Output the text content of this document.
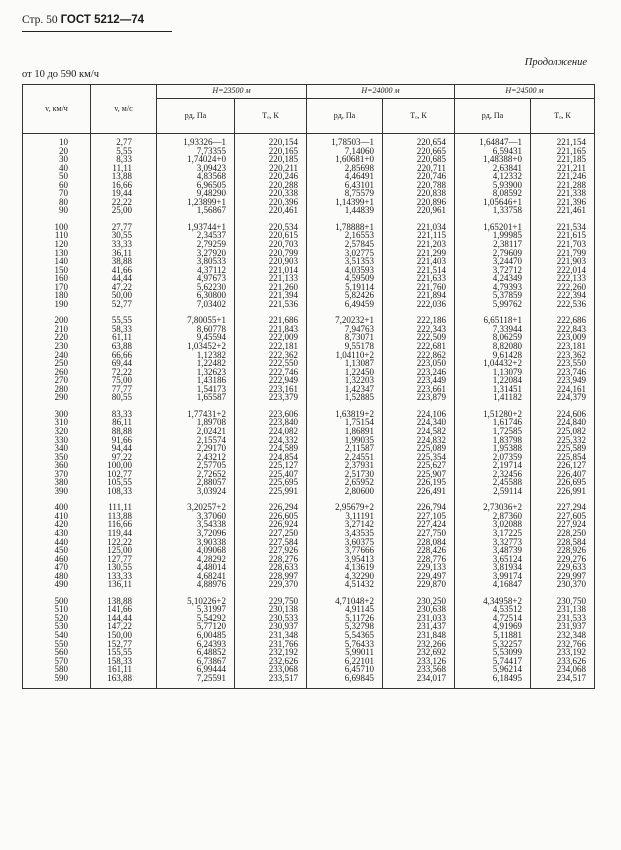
Стр. 50 ГОСТ 5212—74
Продолжение
от 10 до 590 км/ч
v, км/ч	v, м/с	H=23500 м		H=24000 м		H=24500 м	
		pд, Па	Tₒ, К	pд, Па	Tₒ, К	pд, Па	Tₒ, К
10	2,77	1,93326—1	220,154	1,78503—1	220,654	1,64847—1	221,154
20	5,55	7,73355	220,165	7,14060	220,665	6,59431	221,165
30	8,33	1,74024+0	220,185	1,60681+0	220,685	1,48388+0	221,185
40	11,11	3,09423	220,211	2,85698	220,711	2,63841	221,211
50	13,88	4,83568	220,246	4,46491	220,746	4,12332	221,246
60	16,66	6,96505	220,288	6,43101	220,788	5,93900	221,288
70	19,44	9,48290	220,338	8,75579	220,838	8,08592	221,338
80	22,22	1,23899+1	220,396	1,14399+1	220,896	1,05646+1	221,396
90	25,00	1,56867	220,461	1,44839	220,961	1,33758	221,461

100	27,77	1,93744+1	220,534	1,78888+1	221,034	1,65201+1	221,534
110	30,55	2,34537	220,615	2,16553	221,115	1,99985	221,615
120	33,33	2,79259	220,703	2,57845	221,203	2,38117	221,703
130	36,11	3,27920	220,799	3,02775	221,299	2,79609	221,799
140	38,88	3,80533	220,903	3,51353	221,403	3,24470	221,903
150	41,66	4,37112	221,014	4,03593	221,514	3,72712	222,014
160	44,44	4,97673	221,133	4,59509	221,633	4,24349	222,133
170	47,22	5,62230	221,260	5,19114	221,760	4,79393	222,260
180	50,00	6,30800	221,394	5,82426	221,894	5,37859	222,394
190	52,77	7,03402	221,536	6,49459	222,036	5,99762	222,536

200	55,55	7,80055+1	221,686	7,20232+1	222,186	6,65118+1	222,686
210	58,33	8,60778	221,843	7,94763	222,343	7,33944	222,843
220	61,11	9,45594	222,009	8,73071	222,509	8,06259	223,009
230	63,88	1,03452+2	222,181	9,55178	222,681	8,82080	223,181
240	66,66	1,12382	222,362	1,04110+2	222,862	9,61428	223,362
250	69,44	1,22482	222,550	1,13087	223,050	1,04432+2	223,550
260	72,22	1,32623	222,746	1,22450	223,246	1,13079	223,746
270	75,00	1,43186	222,949	1,32203	223,449	1,22084	223,949
280	77,77	1,54173	223,161	1,42347	223,661	1,31451	224,161
290	80,55	1,65587	223,379	1,52885	223,879	1,41182	224,379

300	83,33	1,77431+2	223,606	1,63819+2	224,106	1,51280+2	224,606
310	86,11	1,89708	223,840	1,75154	224,340	1,61746	224,840
320	88,88	2,02421	224,082	1,86891	224,582	1,72585	225,082
330	91,66	2,15574	224,332	1,99035	224,832	1,83798	225,332
340	94,44	2,29170	224,589	2,11587	225,089	1,95388	225,589
350	97,22	2,43212	224,854	2,24551	225,354	2,07359	225,854
360	100,00	2,57705	225,127	2,37931	225,627	2,19714	226,127
370	102,77	2,72652	225,407	2,51730	225,907	2,32456	226,407
380	105,55	2,88057	225,695	2,65952	226,195	2,45588	226,695
390	108,33	3,03924	225,991	2,80600	226,491	2,59114	226,991

400	111,11	3,20257+2	226,294	2,95679+2	226,794	2,73036+2	227,294
410	113,88	3,37060	226,605	3,11191	227,105	2,87360	227,605
420	116,66	3,54338	226,924	3,27142	227,424	3,02088	227,924
430	119,44	3,72096	227,250	3,43535	227,750	3,17225	228,250
440	122,22	3,90338	227,584	3,60375	228,084	3,32773	228,584
450	125,00	4,09068	227,926	3,77666	228,426	3,48739	228,926
460	127,77	4,28292	228,276	3,95413	228,776	3,65124	229,276
470	130,55	4,48014	228,633	4,13619	229,133	3,81934	229,633
480	133,33	4,68241	228,997	4,32290	229,497	3,99174	229,997
490	136,11	4,88976	229,370	4,51432	229,870	4,16847	230,370

500	138,88	5,10226+2	229,750	4,71048+2	230,250	4,34958+2	230,750
510	141,66	5,31997	230,138	4,91145	230,638	4,53512	231,138
520	144,44	5,54292	230,533	5,11726	231,033	4,72514	231,533
530	147,22	5,77120	230,937	5,32798	231,437	4,91969	231,937
540	150,00	6,00485	231,348	5,54365	231,848	5,11881	232,348
550	152,77	6,24393	231,766	5,76433	232,266	5,32257	232,766
560	155,55	6,48852	232,192	5,99011	232,692	5,53099	233,192
570	158,33	6,73867	232,626	6,22101	233,126	5,74417	233,626
580	161,11	6,99444	233,068	6,45710	233,568	5,96214	234,068
590	163,88	7,25591	233,517	6,69845	234,017	6,18495	234,517
